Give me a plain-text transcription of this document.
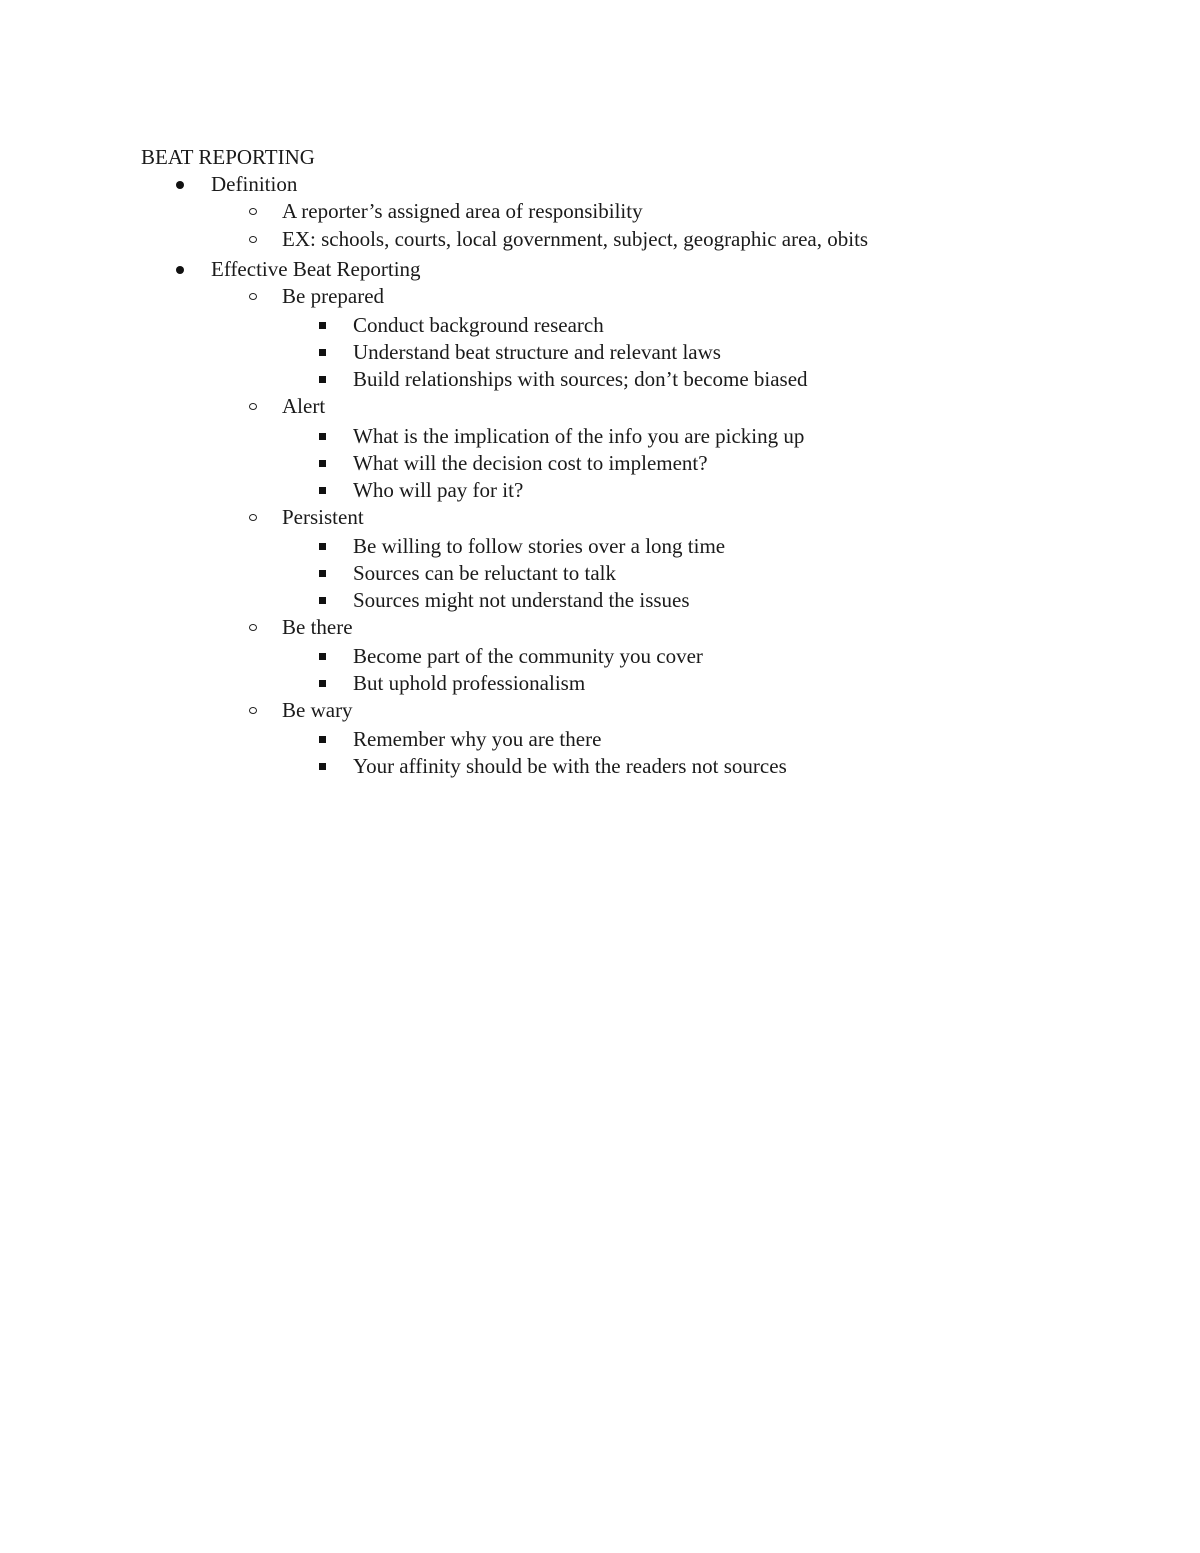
BEAT REPORTING
Definition
A reporter’s assigned area of responsibility
EX: schools, courts, local government, subject, geographic area, obits
Effective Beat Reporting
Be prepared
Conduct background research
Understand beat structure and relevant laws
Build relationships with sources; don’t become biased
Alert
What is the implication of the info you are picking up
What will the decision cost to implement?
Who will pay for it?
Persistent
Be willing to follow stories over a long time
Sources can be reluctant to talk
Sources might not understand the issues
Be there
Become part of the community you cover
But uphold professionalism
Be wary
Remember why you are there
Your affinity should be with the readers not sources
